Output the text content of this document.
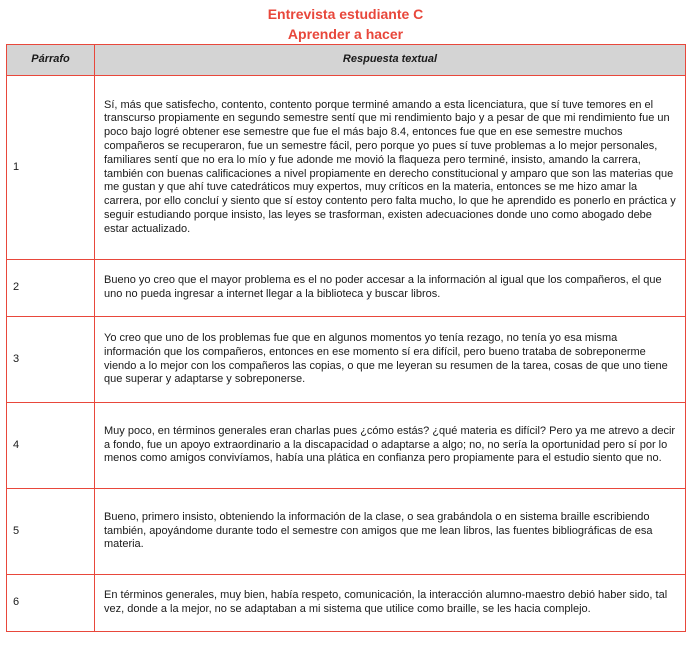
Entrevista estudiante C
Aprender a hacer
Párrafo	Respuesta textual
1	Sí, más que satisfecho, contento, contento porque terminé amando a esta licenciatura, que sí tuve temores en el transcurso propiamente en segundo semestre sentí que mi rendimiento bajo y a pesar de que mi rendimiento fue un poco bajo logré obtener ese semestre que fue el más bajo 8.4, entonces fue que en ese semestre muchos compañeros se recuperaron, fue un semestre fácil, pero porque yo pues sí tuve problemas a lo mejor personales, familiares sentí que no era lo mío y fue adonde me movió la flaqueza pero terminé, insisto, amando la carrera, también con buenas calificaciones a nivel propiamente en derecho constitucional y amparo que son las materias que me gustan y que ahí tuve catedráticos muy expertos, muy críticos en la materia, entonces se me hizo amar la carrera, por ello concluí y siento que sí estoy contento pero falta mucho, lo que he aprendido es ponerlo en práctica y seguir estudiando porque insisto, las leyes se trasforman, existen adecuaciones donde uno como abogado debe estar actualizado.

2	Bueno yo creo que el mayor problema es el no poder accesar a la información al igual que los compañeros, el que uno no pueda ingresar a internet llegar a la biblioteca y buscar libros.

3	Yo creo que uno de los problemas fue que en algunos momentos yo tenía rezago, no tenía yo esa misma información que los compañeros, entonces en ese momento sí era difícil, pero bueno trataba de sobreponerme viendo a lo mejor con los compañeros las copias, o que me leyeran su resumen de la tarea, cosas de que uno tiene que superar y adaptarse y sobreponerse.

4	Muy poco, en términos generales eran charlas pues ¿cómo estás? ¿qué materia es difícil? Pero ya me atrevo a decir a fondo, fue un apoyo extraordinario a la discapacidad o adaptarse a algo; no, no sería la oportunidad pero sí por lo menos como amigos convivíamos, había una plática en confianza pero propiamente para el estudio siento que no.

5	Bueno, primero insisto, obteniendo la información de la clase, o sea grabándola o en sistema braille escribiendo también, apoyándome durante todo el semestre con amigos que me lean libros, las fuentes bibliográficas de esa materia.

6	En términos generales, muy bien, había respeto, comunicación, la interacción alumno-maestro debió haber sido, tal vez, donde a la mejor, no se adaptaban a mi sistema que utilice como braille, se les hacia complejo.
